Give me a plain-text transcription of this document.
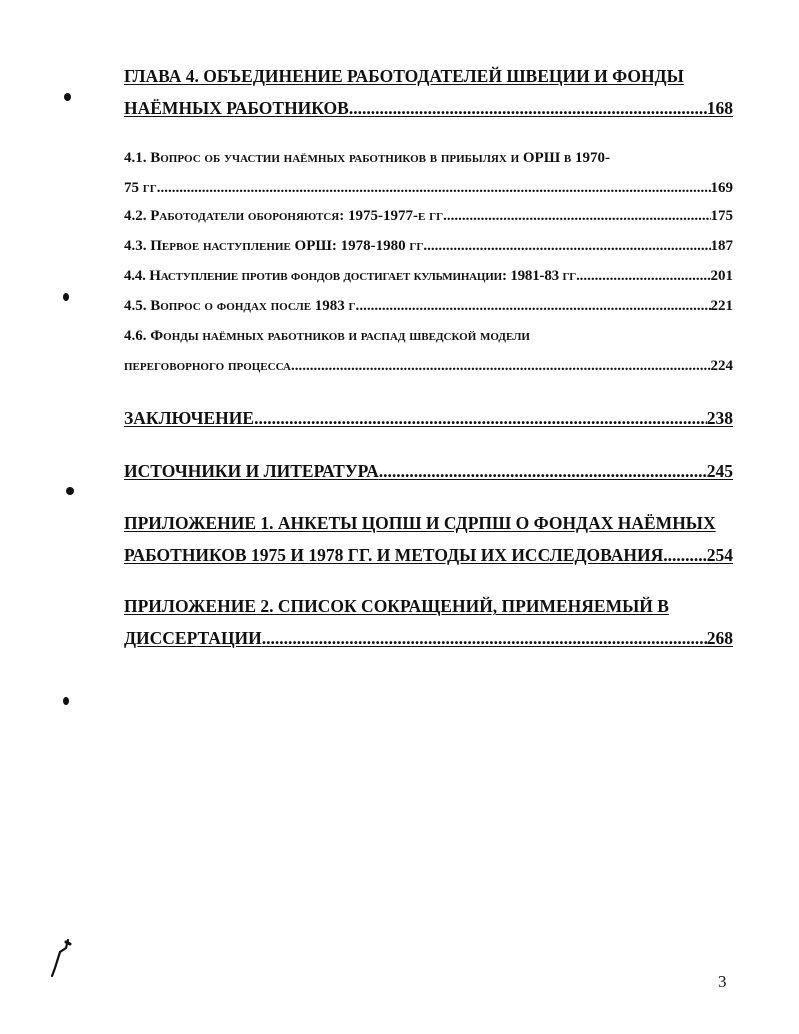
ГЛАВА 4. ОБЪЕДИНЕНИЕ РАБОТОДАТЕЛЕЙ ШВЕЦИИ И ФОНДЫ
НАЁМНЫХ РАБОТНИКОВ .....	168
4.1. Вопрос об участии наёмных работников в прибылях и ОРШ в 1970-
75 гг. .....	169
4.2. Работодатели обороняются: 1975-1977-е гг. .....	175
4.3. Первое наступление ОРШ: 1978-1980 гг. .....	187
4.4. Наступление против фондов достигает кульминации: 1981-83 гг. .....	201
4.5. Вопрос о фондах после 1983 г. .....	221
4.6. Фонды наёмных работников и распад шведской модели
переговорного процесса .....	224
ЗАКЛЮЧЕНИЕ .....	238
ИСТОЧНИКИ И ЛИТЕРАТУРА .....	245
ПРИЛОЖЕНИЕ 1. АНКЕТЫ ЦОПШ И СДРПШ О ФОНДАХ НАЁМНЫХ
РАБОТНИКОВ 1975 И 1978 ГГ. И МЕТОДЫ ИХ ИССЛЕДОВАНИЯ ..... 254
ПРИЛОЖЕНИЕ 2. СПИСОК СОКРАЩЕНИЙ, ПРИМЕНЯЕМЫЙ В
ДИССЕРТАЦИИ .....	268
3
